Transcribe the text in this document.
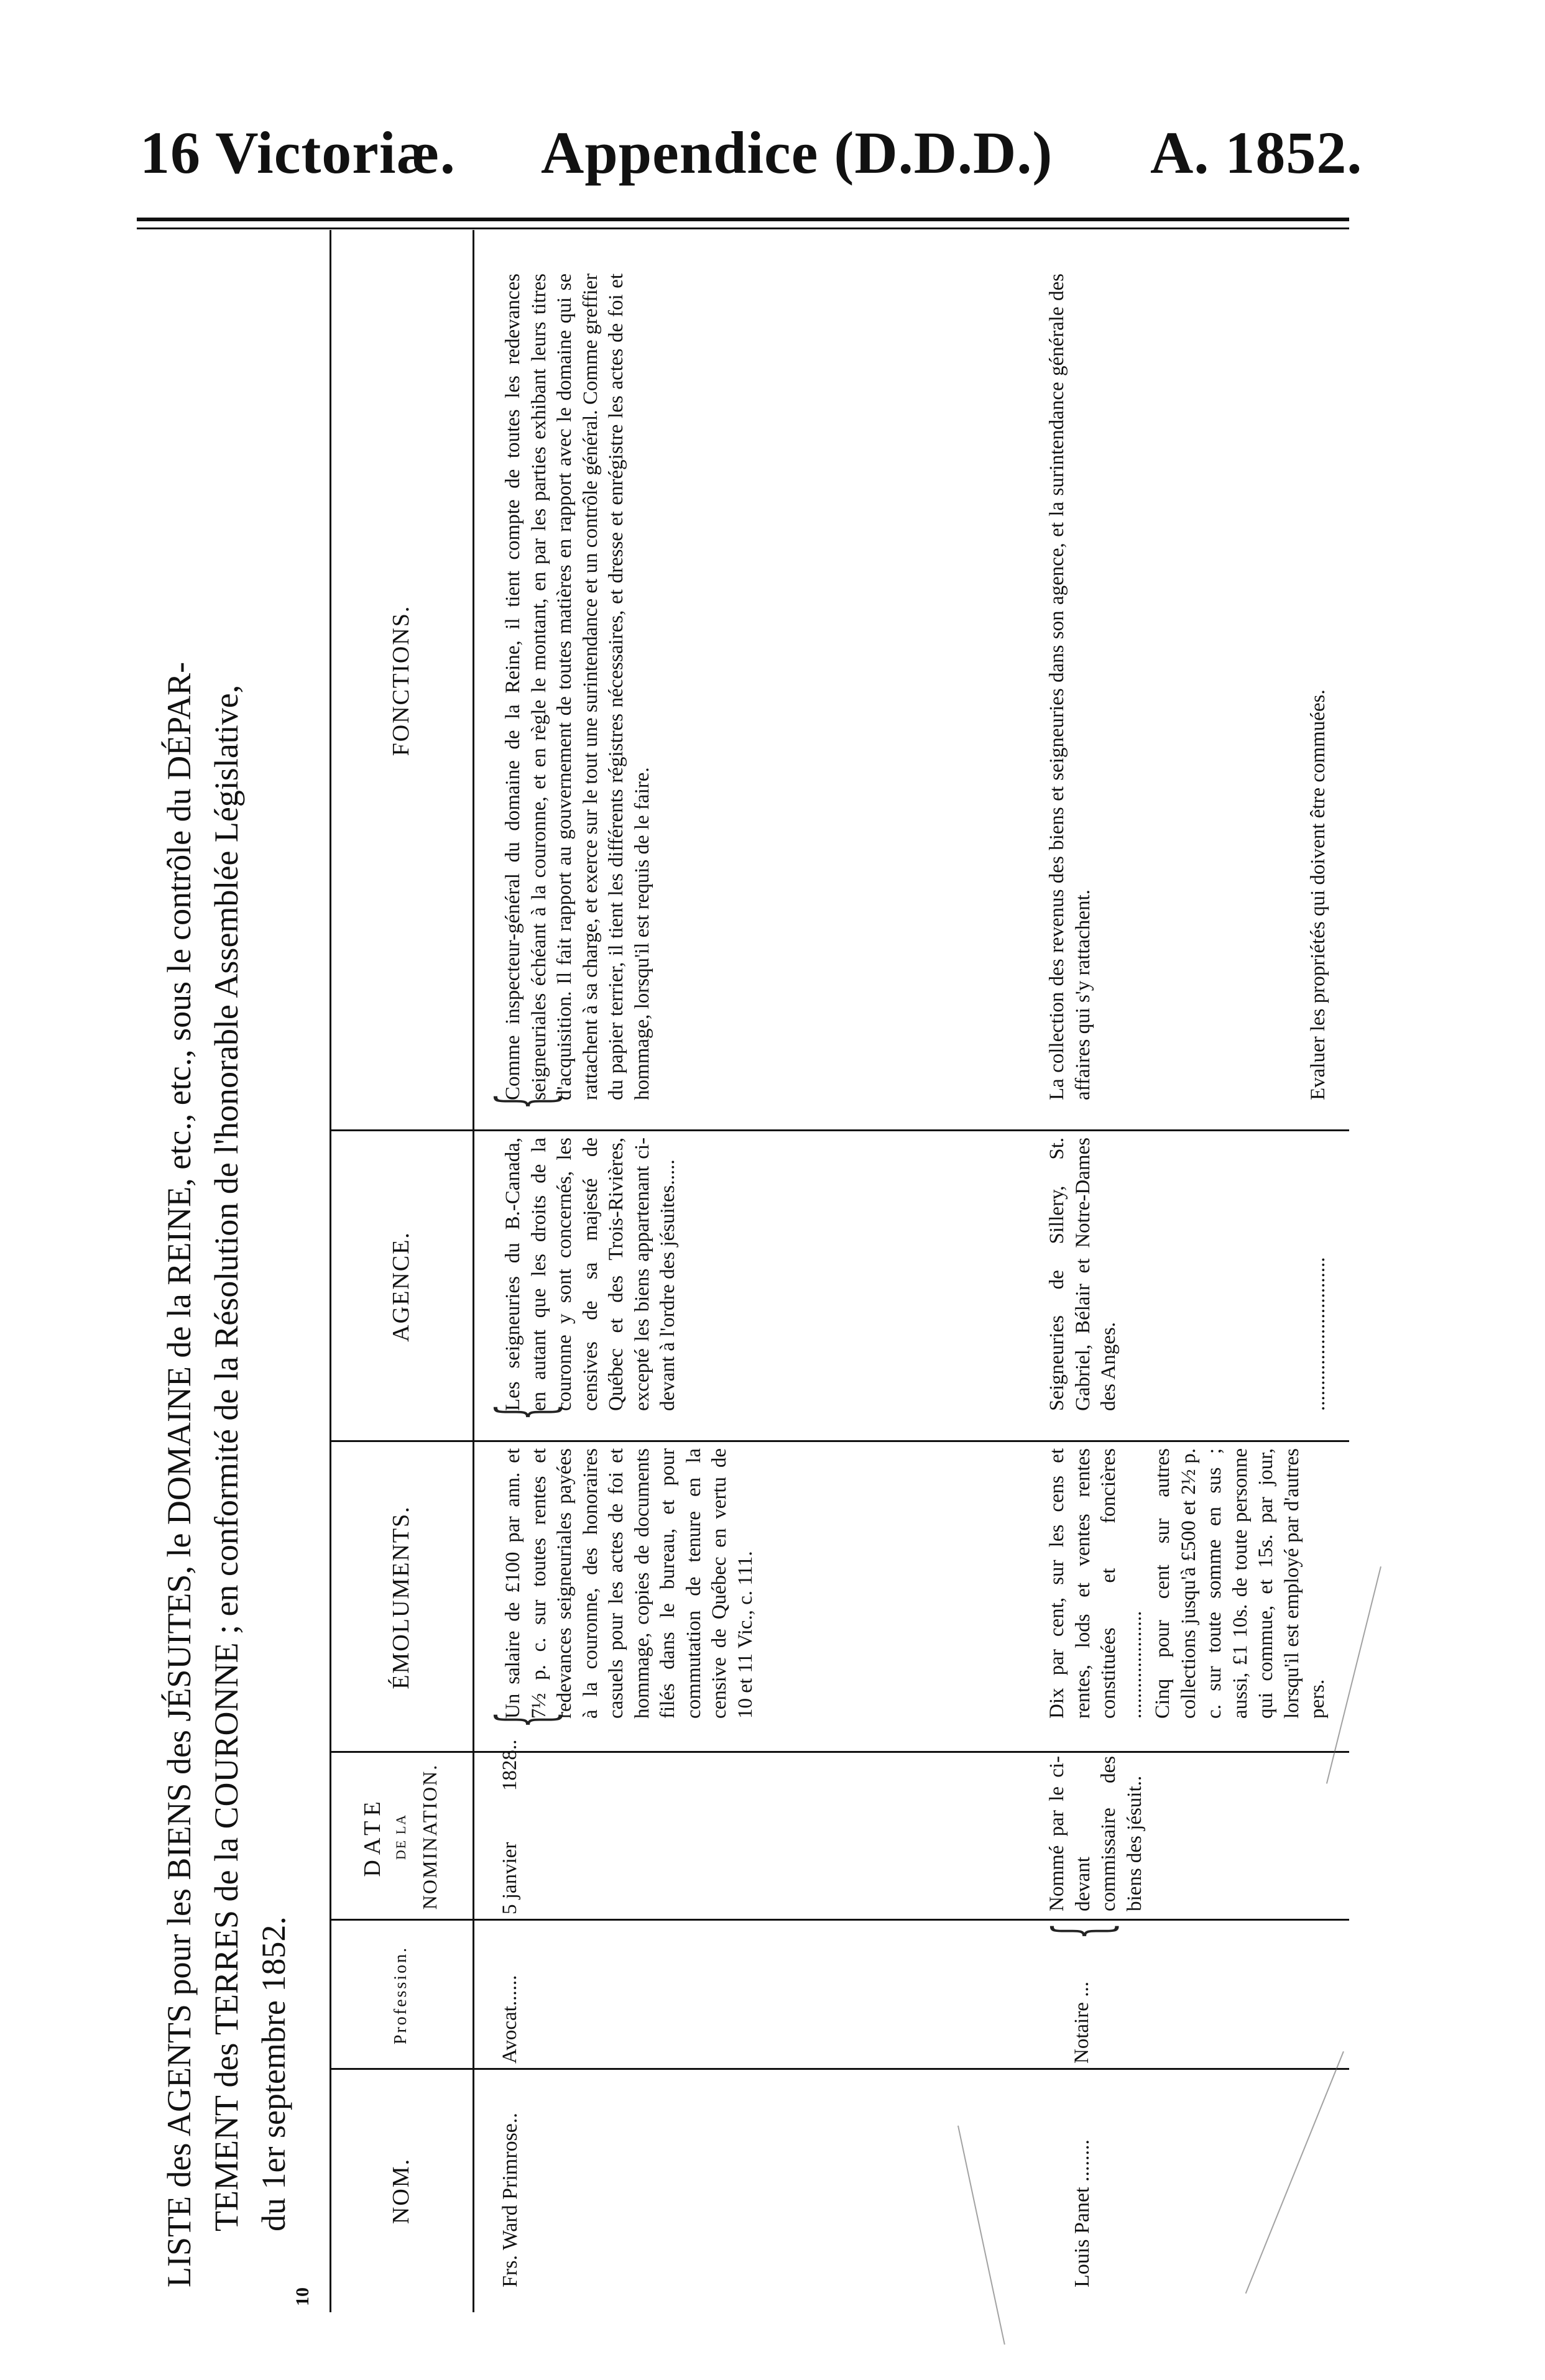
16 Victoriæ. Appendice (D.D.D.) A. 1852.
LISTE des AGENTS pour les BIENS des JÉSUITES, le DOMAINE de la REINE, etc., etc., sous le contrôle du DÉPAR- TEMENT des TERRES de la COURONNE ; en conformité de la Résolution de l'honorable Assemblée Législative, du 1er septembre 1852.
10
NOM.
Profession.
DATE DE LA NOMINATION.
ÉMOLUMENTS.
AGENCE.
FONCTIONS.
Frs. Ward Primrose..
Avocat......
5 janvier          1828..
{
Un salaire de £100 par ann. et 7½ p. c. sur toutes rentes et redevances seigneuriales payées à la couronne, des honoraires casuels pour les actes de foi et hommage, copies de documents filés dans le bureau, et pour commutation de tenure en la censive de Québec en vertu de 10 et 11 Vic., c. 111.
{
Les seigneuries du B.-Canada, en autant que les droits de la couronne y sont concernés, les censives de sa majesté de Québec et des Trois-Rivières, excepté les biens appartenant ci-devant à l'ordre des jésuites.....
{
Comme inspecteur-général du domaine de la Reine, il tient compte de toutes les redevances seigneuriales échéant à la couronne, et en règle le montant, en par les parties exhibant leurs titres d'acquisition. Il fait rapport au gouvernement de toutes matières en rapport avec le domaine qui se rattachent à sa charge, et exerce sur le tout une surintendance et un contrôle général. Comme greffier du papier terrier, il tient les différents régistres nécessaires, et dresse et enrégistre les actes de foi et hommage, lorsqu'il est requis de le faire.
Louis Panet ........
Notaire ...
{
Nommé par le ci-devant commissaire des biens des jésuit..
Dix par cent, sur les cens et rentes, lods et ventes rentes constituées et foncières ..................... Cinq pour cent sur autres collections jusqu'à £500 et 2½ p. c. sur toute somme en sus ; aussi, £1 10s. de toute personne qui commue, et 15s. par jour, lorsqu'il est employé par d'autres pers.
Seigneuries de Sillery, St. Gabriel, Bélair et Notre-Dames des Anges.
La collection des revenus des biens et seigneuries dans son agence, et la surintendance générale des affaires qui s'y rattachent.
..............................
Evaluer les propriétés qui doivent être commuées.
